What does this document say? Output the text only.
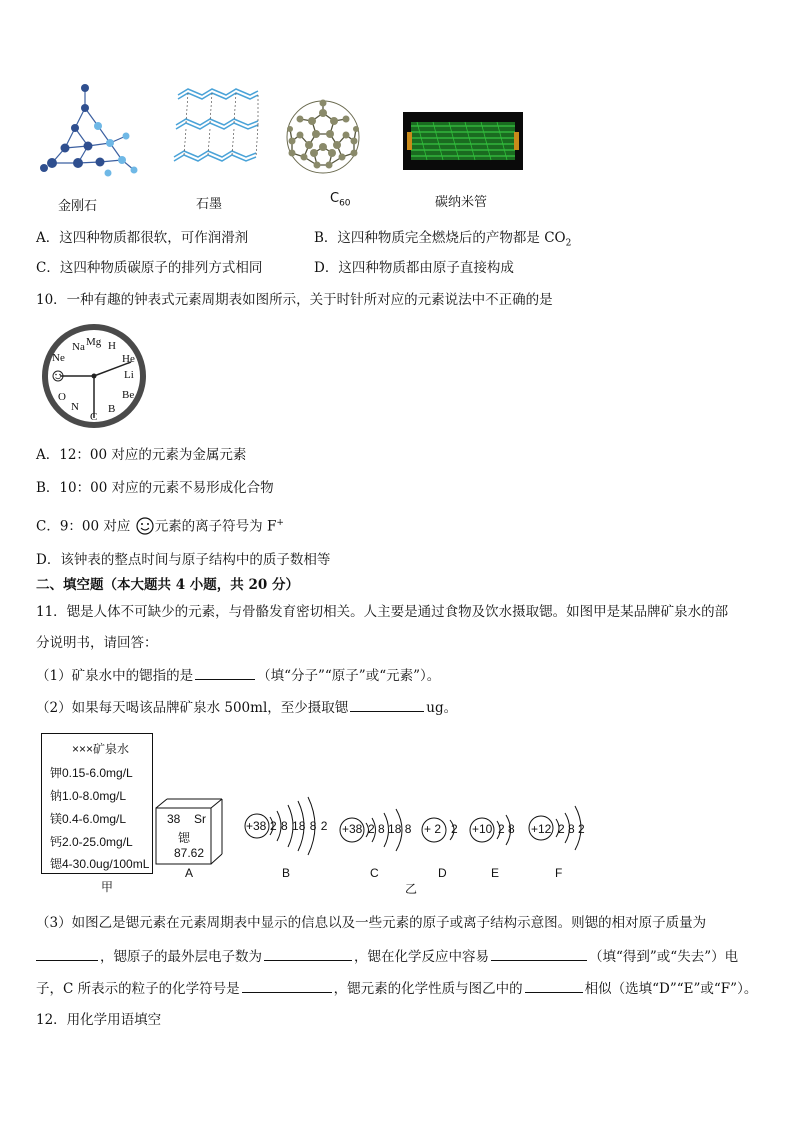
金刚石	石墨	$C_{60}$	碳纳米管
A．这四种物质都很软，可作润滑剂	B．这四种物质完全燃烧后的产物都是 $CO_2$
C．这四种物质碳原子的排列方式相同	D．这四种物质都由原子直接构成
10．一种有趣的钟表式元素周期表如图所示，关于时针所对应的元素说法中不正确的是
Na Mg H
He
Li
Be
B
C
N
O
Ne
A．12：00 对应的元素为金属元素
B．10：00 对应的元素不易形成化合物
C．9：00 对应 元素的离子符号为 F+
D．该钟表的整点时间与原子结构中的质子数相等
二、填空题（本大题共 4 小题，共 20 分）
11．锶是人体不可缺少的元素，与骨骼发育密切相关。人主要是通过食物及饮水摄取锶。如图甲是某品牌矿泉水的部
分说明书，请回答：
（1）矿泉水中的锶指的是	（填“分子”“原子”或“元素”）。
（2）如果每天喝该品牌矿泉水 500ml，至少摄取锶	ug。
×××矿泉水
钾0.15-6.0mg/L
钠1.0-8.0mg/L
镁0.4-6.0mg/L
钙2.0-25.0mg/L
锶4-30.0ug/100mL
甲
38 Sr
锶
87.62
A
+38 2 8 18 8 2
B
+38 2 8 18 8
C
+ 2 2
D
+10 2 8
E
+12 2 8 2
F
乙
（3）如图乙是锶元素在元素周期表中显示的信息以及一些元素的原子或离子结构示意图。则锶的相对原子质量为
，锶原子的最外层电子数为	，锶在化学反应中容易	（填“得到”或“失去”）电
子，C 所表示的粒子的化学符号是	，锶元素的化学性质与图乙中的	相似（选填“D”“E”或“F”）。
12．用化学用语填空
